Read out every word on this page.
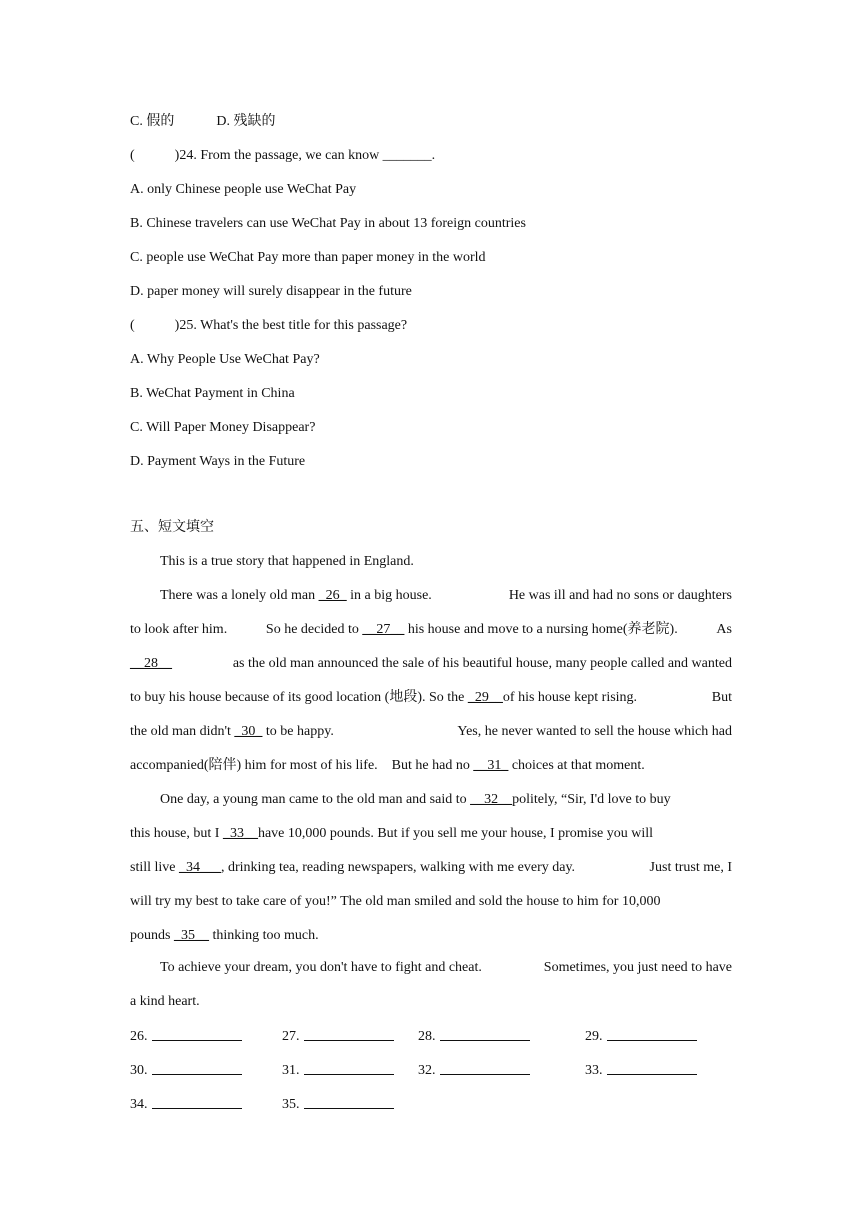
C. 假的	D. 残缺的
(	)24. From the passage, we can know _______.
A. only Chinese people use WeChat Pay
B. Chinese travelers can use WeChat Pay in about 13 foreign countries
C. people use WeChat Pay more than paper money in the world
D. paper money will surely disappear in the future
(	)25. What's the best title for this passage?
A. Why People Use WeChat Pay?
B. WeChat Payment in China
C. Will Paper Money Disappear?
D. Payment Ways in the Future
五、短文填空
This is a true story that happened in England.
There was a lonely old man _26_ in a big house.	He was ill and had no sons or daughters
to look after him.	So he decided to __27__ his house and move to a nursing home(养老院).	As
__28__	as the old man announced the sale of his beautiful house, many people called and wanted
to buy his house because of its good location (地段). So the _29__of his house kept rising.	But
the old man didn't _30_ to be happy.	Yes, he never wanted to sell the house which had
accompanied(陪伴) him for most of his life. But he had no
__31_
choices at that moment.
One day, a young man came to the old man and said to __32__politely, “Sir, I'd love to buy
this house, but I _33__have 10,000 pounds. But if you sell me your house, I promise you will
still live _34___, drinking tea, reading newspapers, walking with me every day.	Just trust me, I
will try my best to take care of you!” The old man smiled and sold the house to him for 10,000
pounds
_35__
thinking too much.
To achieve your dream, you don't have to fight and cheat.	Sometimes, you just need to have
a kind heart.
26.	27.	28.	29.
30.	31.	32.	33.
34.	35.
